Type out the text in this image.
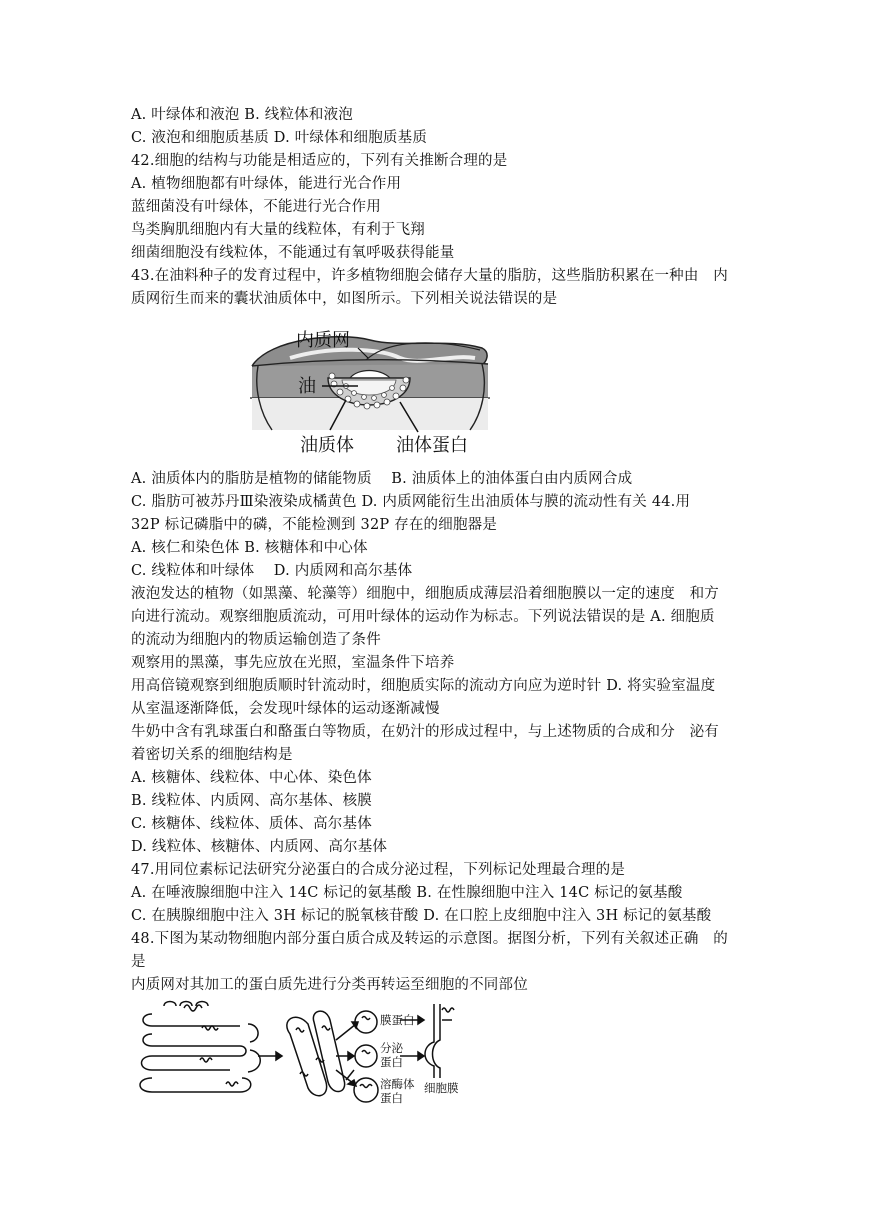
A. 叶绿体和液泡 B. 线粒体和液泡
C. 液泡和细胞质基质 D. 叶绿体和细胞质基质
42.细胞的结构与功能是相适应的，下列有关推断合理的是
A. 植物细胞都有叶绿体，能进行光合作用
蓝细菌没有叶绿体，不能进行光合作用
鸟类胸肌细胞内有大量的线粒体，有利于飞翔
细菌细胞没有线粒体，不能通过有氧呼吸获得能量
43.在油料种子的发育过程中，许多植物细胞会储存大量的脂肪，这些脂肪积累在一种由　内
质网衍生而来的囊状油质体中，如图所示。下列相关说法错误的是
内质网
油
油质体 油体蛋白
A. 油质体内的脂肪是植物的储能物质　 B. 油质体上的油体蛋白由内质网合成
C. 脂肪可被苏丹Ⅲ染液染成橘黄色 D. 内质网能衍生出油质体与膜的流动性有关 44.用
32P 标记磷脂中的磷，不能检测到 32P 存在的细胞器是
A. 核仁和染色体 B. 核糖体和中心体
C. 线粒体和叶绿体　 D. 内质网和高尔基体
液泡发达的植物（如黑藻、轮藻等）细胞中，细胞质成薄层沿着细胞膜以一定的速度　和方
向进行流动。观察细胞质流动，可用叶绿体的运动作为标志。下列说法错误的是 A. 细胞质
的流动为细胞内的物质运输创造了条件
观察用的黑藻，事先应放在光照，室温条件下培养
用高倍镜观察到细胞质顺时针流动时，细胞质实际的流动方向应为逆时针 D. 将实验室温度
从室温逐渐降低，会发现叶绿体的运动逐渐减慢
牛奶中含有乳球蛋白和酪蛋白等物质，在奶汁的形成过程中，与上述物质的合成和分　泌有
着密切关系的细胞结构是
A. 核糖体、线粒体、中心体、染色体
B. 线粒体、内质网、高尔基体、核膜
C. 核糖体、线粒体、质体、高尔基体
D. 线粒体、核糖体、内质网、高尔基体
47.用同位素标记法研究分泌蛋白的合成分泌过程，下列标记处理最合理的是
A. 在唾液腺细胞中注入 14C 标记的氨基酸 B. 在性腺细胞中注入 14C 标记的氨基酸
C. 在胰腺细胞中注入 3H 标记的脱氧核苷酸 D. 在口腔上皮细胞中注入 3H 标记的氨基酸
48.下图为某动物细胞内部分蛋白质合成及转运的示意图。据图分析，下列有关叙述正确　的
是
内质网对其加工的蛋白质先进行分类再转运至细胞的不同部位
膜蛋白
分泌
蛋白
溶酶体
蛋白
细胞膜
